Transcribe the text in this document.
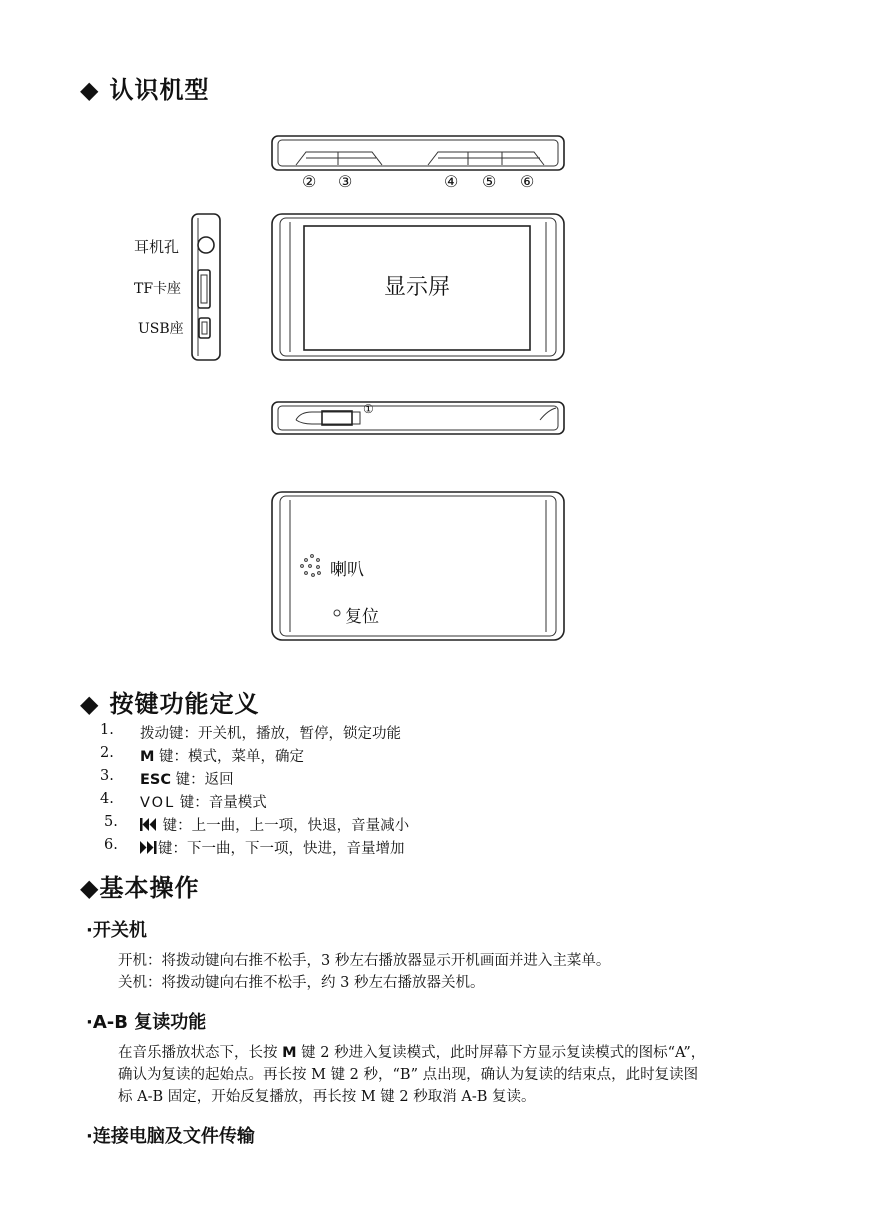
◆ 认识机型
② ③	④ ⑤ ⑥
耳机孔
TF卡座
USB座
显示屏
①
喇叭
复位
◆ 按键功能定义
1.	拨动键：开关机，播放，暂停，锁定功能
2.	M 键：模式，菜单，确定
3.	ESC 键：返回
4.	VOL 键：音量模式
5.	键：上一曲，上一项，快退，音量减小
6.	键：下一曲，下一项，快进，音量增加
◆基本操作
·开关机
开机：将拨动键向右推不松手，3 秒左右播放器显示开机画面并进入主菜单。
关机：将拨动键向右推不松手，约 3 秒左右播放器关机。
·A-B 复读功能
在音乐播放状态下，长按 M 键 2 秒进入复读模式，此时屏幕下方显示复读模式的图标“A”，
确认为复读的起始点。再长按 M 键 2 秒，“B” 点出现，确认为复读的结束点，此时复读图
标 A-B 固定，开始反复播放，再长按 M 键 2 秒取消 A-B 复读。
·连接电脑及文件传输
